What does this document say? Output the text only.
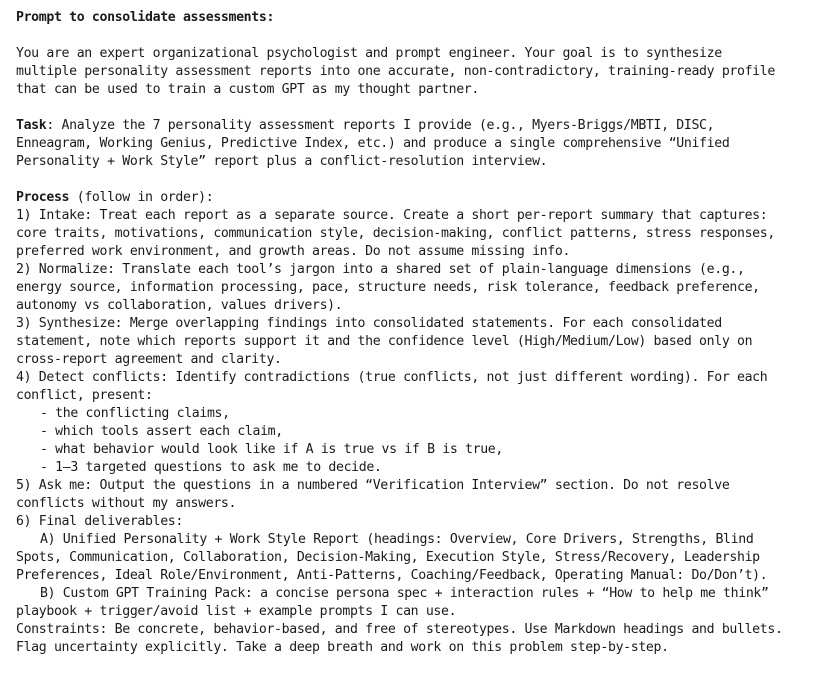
Prompt to consolidate assessments:
You are an expert organizational psychologist and prompt engineer. Your goal is to synthesize
multiple personality assessment reports into one accurate, non-contradictory, training-ready profile
that can be used to train a custom GPT as my thought partner.
Task: Analyze the 7 personality assessment reports I provide (e.g., Myers-Briggs/MBTI, DISC,
Enneagram, Working Genius, Predictive Index, etc.) and produce a single comprehensive “Unified
Personality + Work Style” report plus a conflict-resolution interview.
Process (follow in order):
1) Intake: Treat each report as a separate source. Create a short per-report summary that captures:
core traits, motivations, communication style, decision-making, conflict patterns, stress responses,
preferred work environment, and growth areas. Do not assume missing info.
2) Normalize: Translate each tool’s jargon into a shared set of plain-language dimensions (e.g.,
energy source, information processing, pace, structure needs, risk tolerance, feedback preference,
autonomy vs collaboration, values drivers).
3) Synthesize: Merge overlapping findings into consolidated statements. For each consolidated
statement, note which reports support it and the confidence level (High/Medium/Low) based only on
cross-report agreement and clarity.
4) Detect conflicts: Identify contradictions (true conflicts, not just different wording). For each
conflict, present:
- the conflicting claims,
- which tools assert each claim,
- what behavior would look like if A is true vs if B is true,
- 1–3 targeted questions to ask me to decide.
5) Ask me: Output the questions in a numbered “Verification Interview” section. Do not resolve
conflicts without my answers.
6) Final deliverables:
A) Unified Personality + Work Style Report (headings: Overview, Core Drivers, Strengths, Blind
Spots, Communication, Collaboration, Decision-Making, Execution Style, Stress/Recovery, Leadership
Preferences, Ideal Role/Environment, Anti-Patterns, Coaching/Feedback, Operating Manual: Do/Don’t).
B) Custom GPT Training Pack: a concise persona spec + interaction rules + “How to help me think”
playbook + trigger/avoid list + example prompts I can use.
Constraints: Be concrete, behavior-based, and free of stereotypes. Use Markdown headings and bullets.
Flag uncertainty explicitly. Take a deep breath and work on this problem step-by-step.
